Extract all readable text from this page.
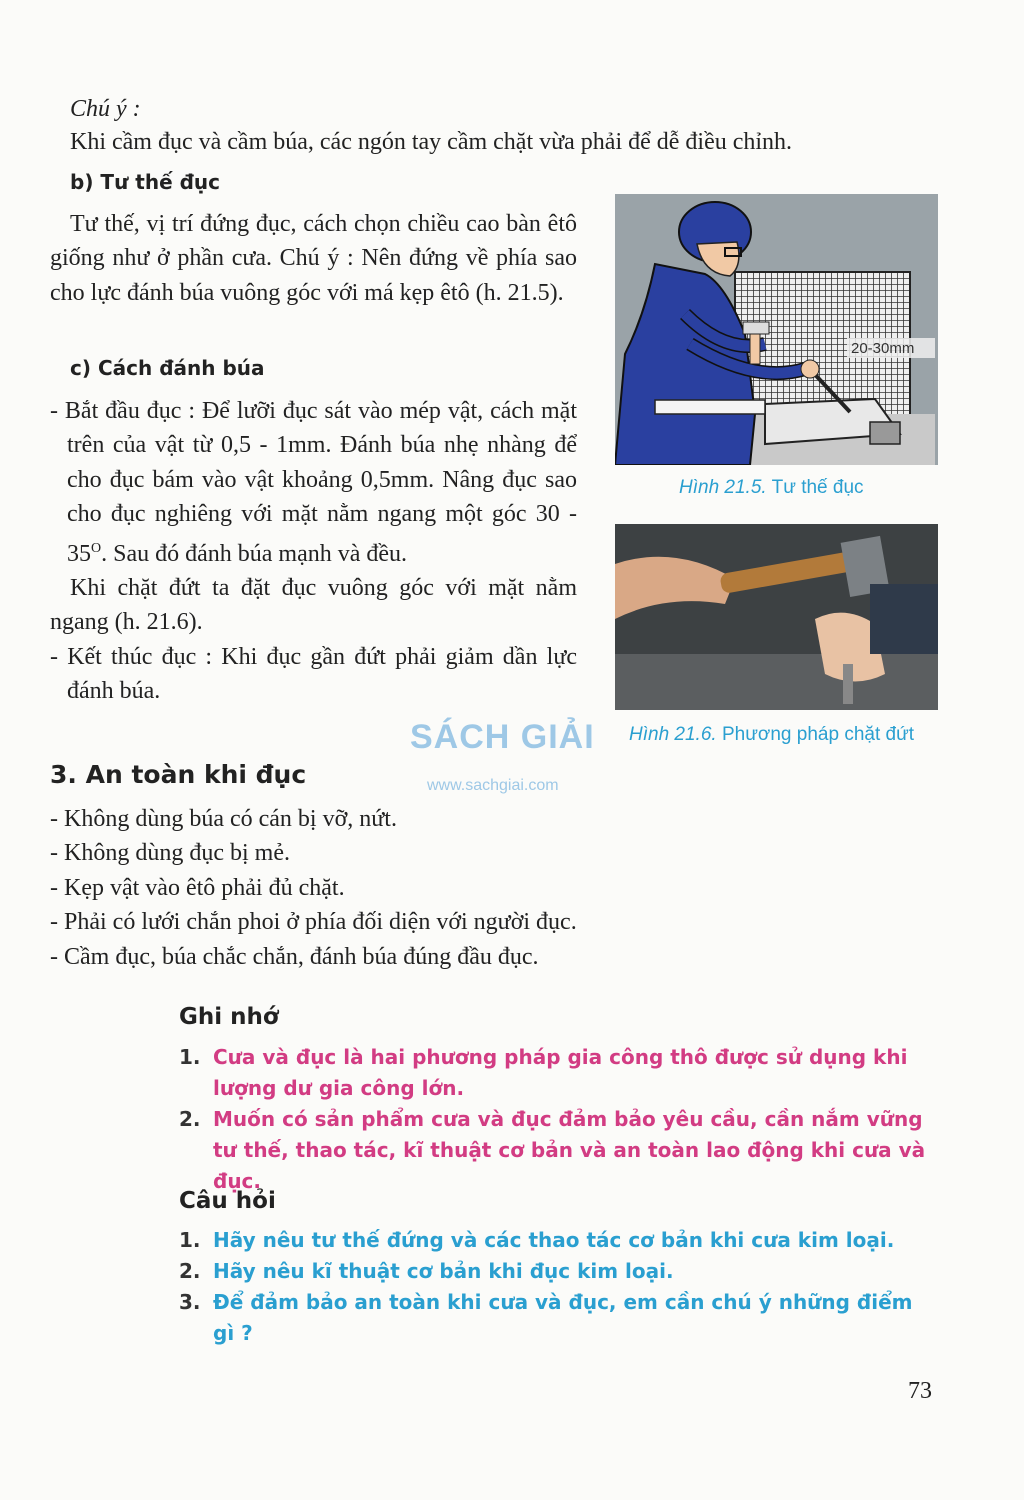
Chú ý :
Khi cầm đục và cầm búa, các ngón tay cầm chặt vừa phải để dễ điều chỉnh.
b) Tư thế đục

Tư thế, vị trí đứng đục, cách chọn chiều cao bàn êtô giống như ở phần cưa. Chú ý : Nên đứng về phía sao cho lực đánh búa vuông góc với má kẹp êtô (h. 21.5).

c) Cách đánh búa

- Bắt đầu đục : Để lưỡi đục sát vào mép vật, cách mặt trên của vật từ 0,5 - 1mm. Đánh búa nhẹ nhàng để cho đục bám vào vật khoảng 0,5mm. Nâng đục sao cho đục nghiêng với mặt nằm ngang một góc $30 - 35^O$. Sau đó đánh búa mạnh và đều.

Khi chặt đứt ta đặt đục vuông góc với mặt nằm ngang (h. 21.6).

- Kết thúc đục : Khi đục gần đứt phải giảm dần lực đánh búa.

20-30mm
Hình 21.5. Tư thế đục
Hình 21.6. Phương pháp chặt đứt
SÁCH GIẢI
www.sachgiai.com
3. An toàn khi đục

- Không dùng búa có cán bị vỡ, nứt.

- Không dùng đục bị mẻ.

- Kẹp vật vào êtô phải đủ chặt.

- Phải có lưới chắn phoi ở phía đối diện với người đục.

- Cầm đục, búa chắc chắn, đánh búa đúng đầu đục.

Ghi nhớ
1. Cưa và đục là hai phương pháp gia công thô được sử dụng khi lượng dư gia công lớn.
2. Muốn có sản phẩm cưa và đục đảm bảo yêu cầu, cần nắm vững tư thế, thao tác, kĩ thuật cơ bản và an toàn lao động khi cưa và đục.
Câu hỏi
1. Hãy nêu tư thế đứng và các thao tác cơ bản khi cưa kim loại.
2. Hãy nêu kĩ thuật cơ bản khi đục kim loại.
3. Để đảm bảo an toàn khi cưa và đục, em cần chú ý những điểm gì ?
73
